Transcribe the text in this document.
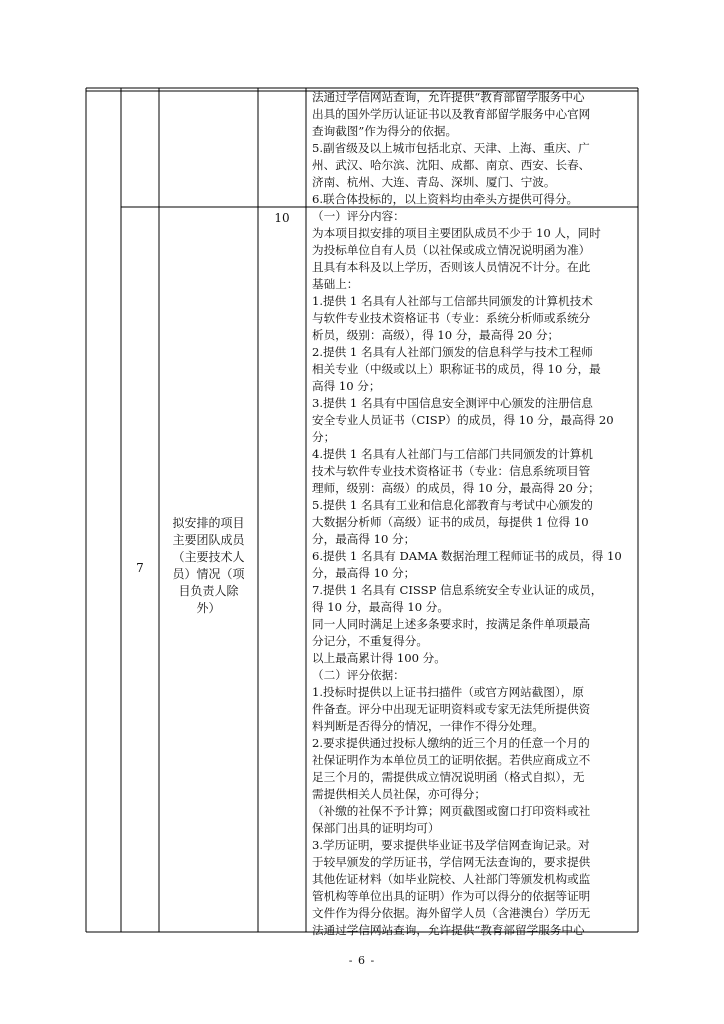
法通过学信网站查询，允许提供“教育部留学服务中心
出具的国外学历认证证书以及教育部留学服务中心官网
查询截图”作为得分的依据。
5.副省级及以上城市包括北京、天津、上海、重庆、广
州、武汉、哈尔滨、沈阳、成都、南京、西安、长春、
济南、杭州、大连、青岛、深圳、厦门、宁波。
6.联合体投标的，以上资料均由牵头方提供可得分。
7
拟安排的项目
主要团队成员
（主要技术人
员）情况（项
目负责人除
外）
10	（一）评分内容：
为本项目拟安排的项目主要团队成员不少于 10 人，同时
为投标单位自有人员（以社保或成立情况说明函为准）
且具有本科及以上学历，否则该人员情况不计分。在此
基础上：
1.提供 1 名具有人社部与工信部共同颁发的计算机技术
与软件专业技术资格证书（专业：系统分析师或系统分
析员，级别：高级），得 10 分，最高得 20 分；
2.提供 1 名具有人社部门颁发的信息科学与技术工程师
相关专业（中级或以上）职称证书的成员，得 10 分，最
高得 10 分；
3.提供 1 名具有中国信息安全测评中心颁发的注册信息
安全专业人员证书（CISP）的成员，得 10 分，最高得 20
分；
4.提供 1 名具有人社部门与工信部门共同颁发的计算机
技术与软件专业技术资格证书（专业：信息系统项目管
理师，级别：高级）的成员，得 10 分，最高得 20 分；
5.提供 1 名具有工业和信息化部教育与考试中心颁发的
大数据分析师（高级）证书的成员，每提供 1 位得 10
分，最高得 10 分；
6.提供 1 名具有 DAMA 数据治理工程师证书的成员，得 10
分，最高得 10 分；
7.提供 1 名具有 CISSP 信息系统安全专业认证的成员，
得 10 分，最高得 10 分。
同一人同时满足上述多条要求时，按满足条件单项最高
分记分，不重复得分。
以上最高累计得 100 分。
（二）评分依据：
1.投标时提供以上证书扫描件（或官方网站截图），原
件备查。评分中出现无证明资料或专家无法凭所提供资
料判断是否得分的情况，一律作不得分处理。
2.要求提供通过投标人缴纳的近三个月的任意一个月的
社保证明作为本单位员工的证明依据。若供应商成立不
足三个月的，需提供成立情况说明函（格式自拟），无
需提供相关人员社保，亦可得分；
（补缴的社保不予计算；网页截图或窗口打印资料或社
保部门出具的证明均可）
3.学历证明，要求提供毕业证书及学信网查询记录。对
于较早颁发的学历证书，学信网无法查询的，要求提供
其他佐证材料（如毕业院校、人社部门等颁发机构或监
管机构等单位出具的证明）作为可以得分的依据等证明
文件作为得分依据。海外留学人员（含港澳台）学历无
法通过学信网站查询，允许提供“教育部留学服务中心
- 6 -
